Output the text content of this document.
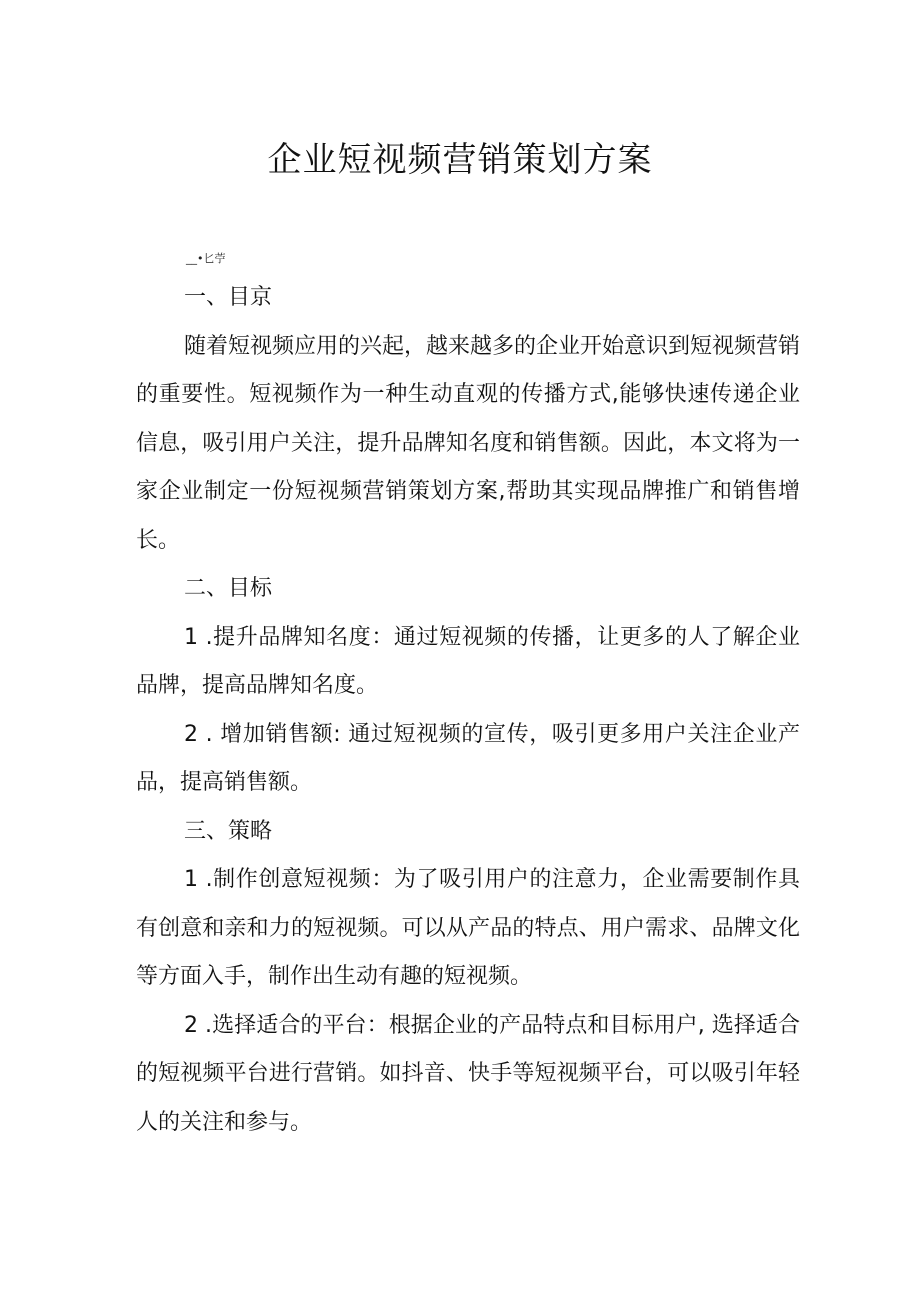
企业短视频营销策划方案
__•匕苧

一、目京

随着短视频应用的兴起，越来越多的企业开始意识到短视频营销的重要性。短视频作为一种生动直观的传播方式,能够快速传递企业信息，吸引用户关注，提升品牌知名度和销售额。因此，本文将为一家企业制定一份短视频营销策划方案,帮助其实现品牌推广和销售增长。

二、目标

1 .提升品牌知名度：通过短视频的传播，让更多的人了解企业品牌，提高品牌知名度。

2 . 增加销售额: 通过短视频的宣传，吸引更多用户关注企业产品，提高销售额。

三、策略

1 .制作创意短视频：为了吸引用户的注意力，企业需要制作具有创意和亲和力的短视频。可以从产品的特点、用户需求、品牌文化等方面入手，制作出生动有趣的短视频。

2 .选择适合的平台：根据企业的产品特点和目标用户, 选择适合的短视频平台进行营销。如抖音、快手等短视频平台，可以吸引年轻人的关注和参与。
